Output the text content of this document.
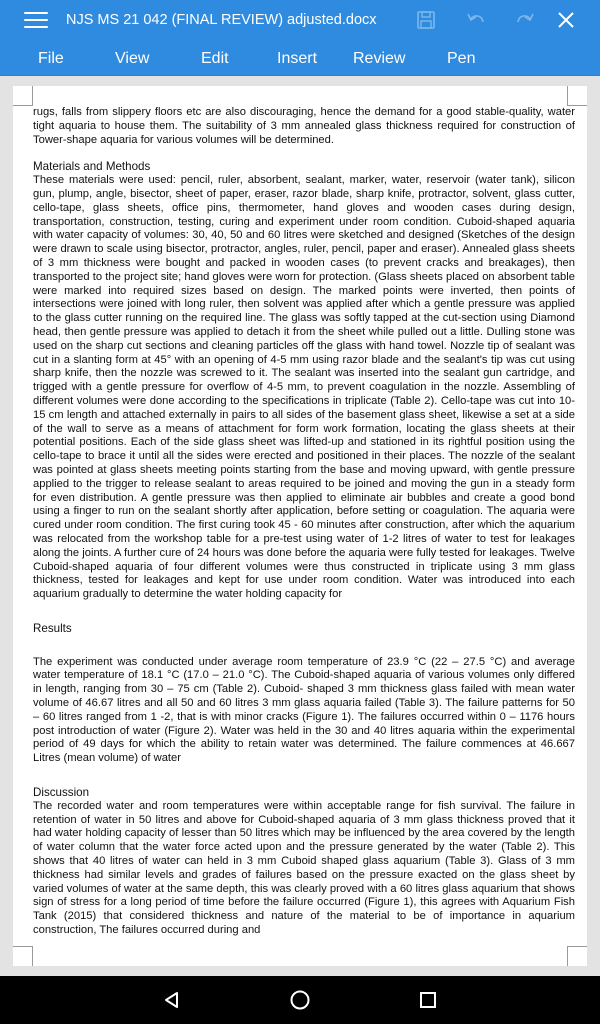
NJS MS 21 042 (FINAL REVIEW) adjusted.docx
File	View	Edit	Insert Review	Pen

rugs, falls from slippery floors etc are also discouraging, hence the demand for a good stable-quality, water tight aquaria to house them. The suitability of 3 mm annealed glass thickness required for construction of Tower-shape aquaria for various volumes will be determined.

Materials and Methods

These materials were used: pencil, ruler, absorbent, sealant, marker, water, reservoir (water tank), silicon gun, plump, angle, bisector, sheet of paper, eraser, razor blade, sharp knife, protractor, solvent, glass cutter, cello-tape, glass sheets, office pins, thermometer, hand gloves and wooden cases during design, transportation, construction, testing, curing and experiment under room condition. Cuboid-shaped aquaria with water capacity of volumes: 30, 40, 50 and 60 litres were sketched and designed (Sketches of the design were drawn to scale using bisector, protractor, angles, ruler, pencil, paper and eraser). Annealed glass sheets of 3 mm thickness were bought and packed in wooden cases (to prevent cracks and breakages), then transported to the project site; hand gloves were worn for protection. (Glass sheets placed on absorbent table were marked into required sizes based on design. The marked points were inverted, then points of intersections were joined with long ruler, then solvent was applied after which a gentle pressure was applied to the glass cutter running on the required line. The glass was softly tapped at the cut-section using Diamond head, then gentle pressure was applied to detach it from the sheet while pulled out a little. Dulling stone was used on the sharp cut sections and cleaning particles off the glass with hand towel. Nozzle tip of sealant was cut in a slanting form at 45° with an opening of 4-5 mm using razor blade and the sealant's tip was cut using sharp knife, then the nozzle was screwed to it. The sealant was inserted into the sealant gun cartridge, and trigged with a gentle pressure for overflow of 4-5 mm, to prevent coagulation in the nozzle. Assembling of different volumes were done according to the specifications in triplicate (Table 2). Cello-tape was cut into 10-15 cm length and attached externally in pairs to all sides of the basement glass sheet, likewise a set at a side of the wall to serve as a means of attachment for form work formation, locating the glass sheets at their potential positions. Each of the side glass sheet was lifted-up and stationed in its rightful position using the cello-tape to brace it until all the sides were erected and positioned in their places. The nozzle of the sealant was pointed at glass sheets meeting points starting from the base and moving upward, with gentle pressure applied to the trigger to release sealant to areas required to be joined and moving the gun in a steady form for even distribution. A gentle pressure was then applied to eliminate air bubbles and create a good bond using a finger to run on the sealant shortly after application, before setting or coagulation. The aquaria were cured under room condition. The first curing took 45 - 60 minutes after construction, after which the aquarium was relocated from the workshop table for a pre-test using water of 1-2 litres of water to test for leakages along the joints. A further cure of 24 hours was done before the aquaria were fully tested for leakages. Twelve Cuboid-shaped aquaria of four different volumes were thus constructed in triplicate using 3 mm glass thickness, tested for leakages and kept for use under room condition. Water was introduced into each aquarium gradually to determine the water holding capacity for

Results

The experiment was conducted under average room temperature of 23.9 °C (22 – 27.5 °C) and average water temperature of 18.1 °C (17.0 – 21.0 °C). The Cuboid-shaped aquaria of various volumes only differed in length, ranging from 30 – 75 cm (Table 2). Cuboid- shaped 3 mm thickness glass failed with mean water volume of 46.67 litres and all 50 and 60 litres 3 mm glass aquaria failed (Table 3). The failure patterns for 50 – 60 litres ranged from 1 -2, that is with minor cracks (Figure 1). The failures occurred within 0 – 1176 hours post introduction of water (Figure 2). Water was held in the 30 and 40 litres aquaria within the experimental period of 49 days for which the ability to retain water was determined. The failure commences at 46.667 Litres (mean volume) of water

Discussion

The recorded water and room temperatures were within acceptable range for fish survival. The failure in retention of water in 50 litres and above for Cuboid-shaped aquaria of 3 mm glass thickness proved that it had water holding capacity of lesser than 50 litres which may be influenced by the area covered by the length of water column that the water force acted upon and the pressure generated by the water (Table 2). This shows that 40 litres of water can held in 3 mm Cuboid shaped glass aquarium (Table 3). Glass of 3 mm thickness had similar levels and grades of failures based on the pressure exacted on the glass sheet by varied volumes of water at the same depth, this was clearly proved with a 60 litres glass aquarium that shows sign of stress for a long period of time before the failure occurred (Figure 1), this agrees with Aquarium Fish Tank (2015) that considered thickness and nature of the material to be of importance in aquarium construction, The failures occurred during and
